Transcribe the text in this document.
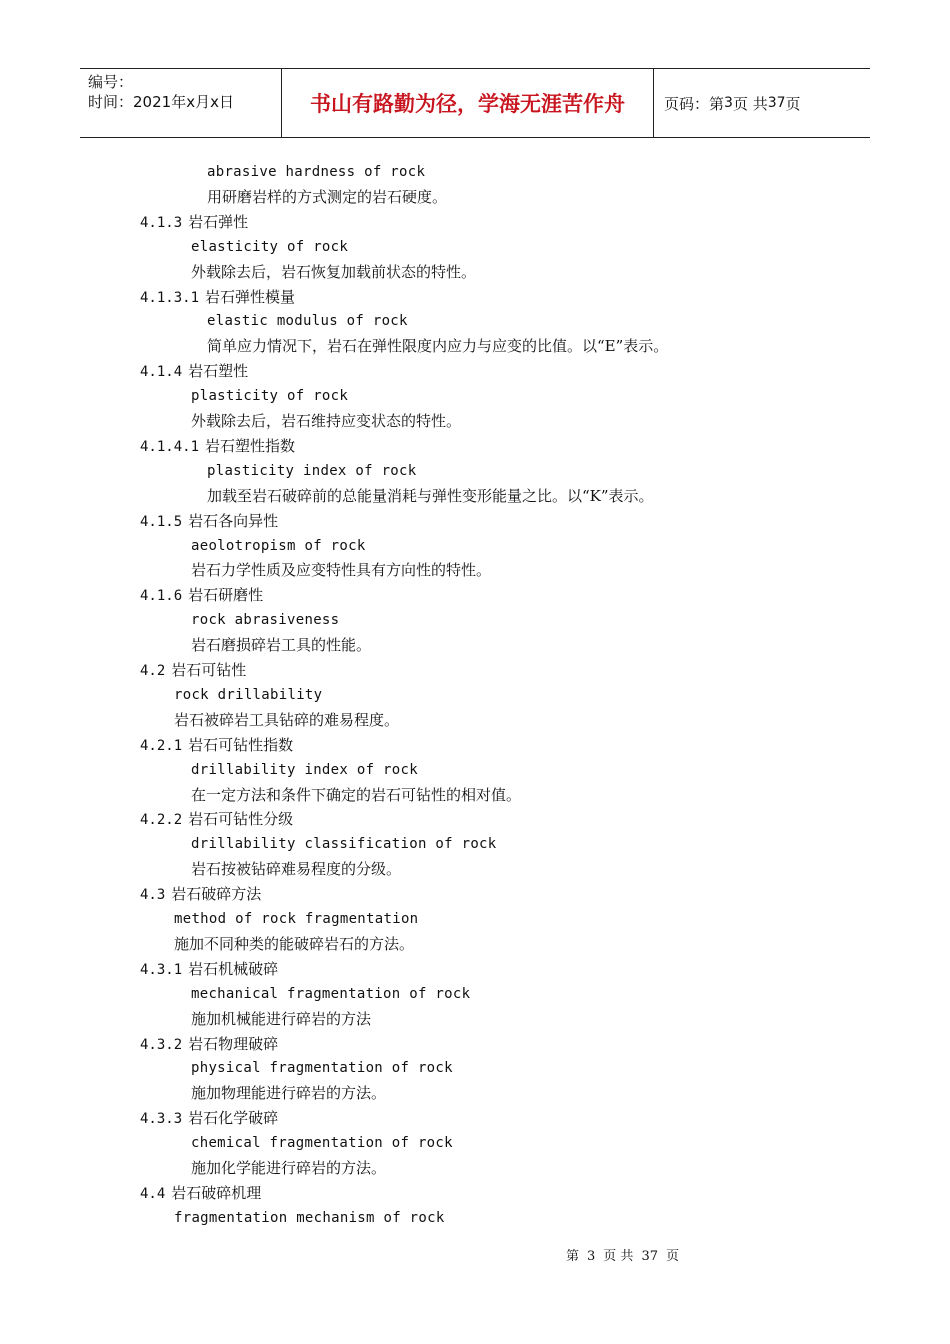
编号：
时间：2021年x月x日	书山有路勤为径，学海无涯苦作舟	页码：第 3 页 共 37 页
abrasive hardness of rock
用研磨岩样的方式测定的岩石硬度。
4.1.3 岩石弹性
elasticity of rock
外载除去后，岩石恢复加载前状态的特性。
4.1.3.1 岩石弹性模量
elastic modulus of rock
简单应力情况下，岩石在弹性限度内应力与应变的比值。以“E”表示。
4.1.4 岩石塑性
plasticity of rock
外载除去后，岩石维持应变状态的特性。
4.1.4.1 岩石塑性指数
plasticity index of rock
加载至岩石破碎前的总能量消耗与弹性变形能量之比。以“K”表示。
4.1.5 岩石各向异性
aeolotropism of rock
岩石力学性质及应变特性具有方向性的特性。
4.1.6 岩石研磨性
rock abrasiveness
岩石磨损碎岩工具的性能。
4.2 岩石可钻性
rock drillability
岩石被碎岩工具钻碎的难易程度。
4.2.1 岩石可钻性指数
drillability index of rock
在一定方法和条件下确定的岩石可钻性的相对值。
4.2.2 岩石可钻性分级
drillability classification of rock
岩石按被钻碎难易程度的分级。
4.3 岩石破碎方法
method of rock fragmentation
施加不同种类的能破碎岩石的方法。
4.3.1 岩石机械破碎
mechanical fragmentation of rock
施加机械能进行碎岩的方法
4.3.2 岩石物理破碎
physical fragmentation of rock
施加物理能进行碎岩的方法。
4.3.3 岩石化学破碎
chemical fragmentation of rock
施加化学能进行碎岩的方法。
4.4 岩石破碎机理
fragmentation mechanism of rock
第 3 页 共 37 页
